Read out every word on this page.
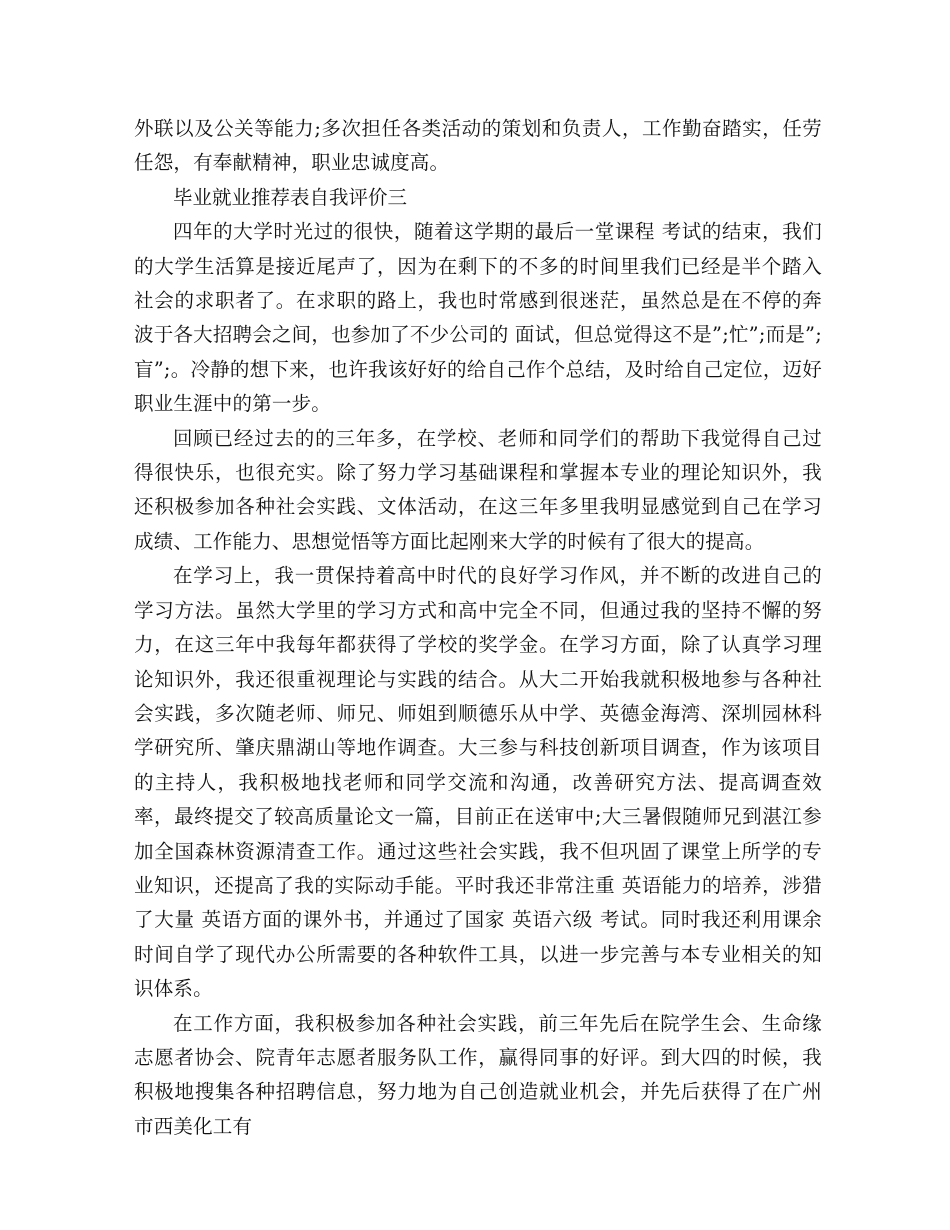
外联以及公关等能力;多次担任各类活动的策划和负责人，工作勤奋踏实，任劳任怨，有奉献精神，职业忠诚度高。

毕业就业推荐表自我评价三

四年的大学时光过的很快，随着这学期的最后一堂课程 考试的结束，我们的大学生活算是接近尾声了，因为在剩下的不多的时间里我们已经是半个踏入社会的求职者了。在求职的路上，我也时常感到很迷茫，虽然总是在不停的奔波于各大招聘会之间，也参加了不少公司的 面试，但总觉得这不是”;忙”;而是”;盲”;。冷静的想下来，也许我该好好的给自己作个总结，及时给自己定位，迈好职业生涯中的第一步。

回顾已经过去的的三年多，在学校、老师和同学们的帮助下我觉得自己过得很快乐，也很充实。除了努力学习基础课程和掌握本专业的理论知识外，我还积极参加各种社会实践、文体活动，在这三年多里我明显感觉到自己在学习成绩、工作能力、思想觉悟等方面比起刚来大学的时候有了很大的提高。

在学习上，我一贯保持着高中时代的良好学习作风，并不断的改进自己的学习方法。虽然大学里的学习方式和高中完全不同，但通过我的坚持不懈的努力，在这三年中我每年都获得了学校的奖学金。在学习方面，除了认真学习理论知识外，我还很重视理论与实践的结合。从大二开始我就积极地参与各种社会实践，多次随老师、师兄、师姐到顺德乐从中学、英德金海湾、深圳园林科学研究所、肇庆鼎湖山等地作调查。大三参与科技创新项目调查，作为该项目的主持人，我积极地找老师和同学交流和沟通，改善研究方法、提高调查效率，最终提交了较高质量论文一篇，目前正在送审中;大三暑假随师兄到湛江参加全国森林资源清查工作。通过这些社会实践，我不但巩固了课堂上所学的专业知识，还提高了我的实际动手能。平时我还非常注重 英语能力的培养，涉猎了大量 英语方面的课外书，并通过了国家 英语六级 考试。同时我还利用课余时间自学了现代办公所需要的各种软件工具，以进一步完善与本专业相关的知识体系。

在工作方面，我积极参加各种社会实践，前三年先后在院学生会、生命缘志愿者协会、院青年志愿者服务队工作，赢得同事的好评。到大四的时候，我积极地搜集各种招聘信息，努力地为自己创造就业机会，并先后获得了在广州市西美化工有
